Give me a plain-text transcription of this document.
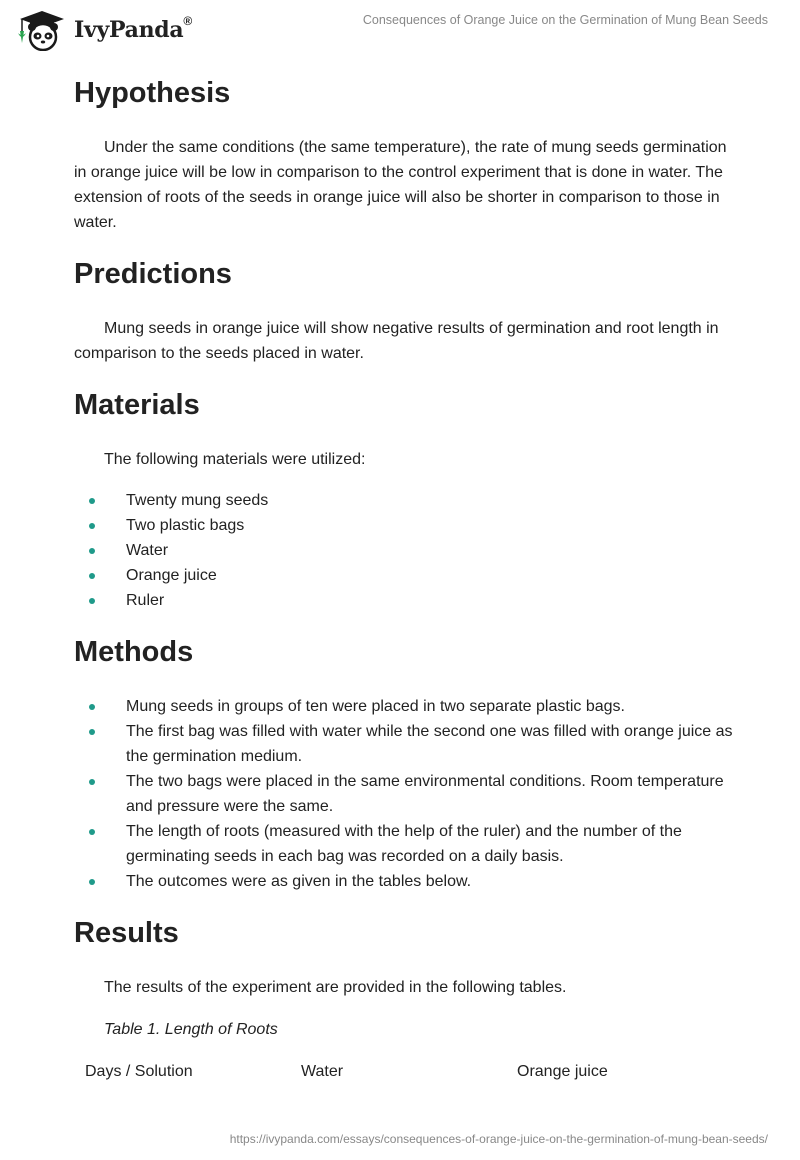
IvyPanda®	Consequences of Orange Juice on the Germination of Mung Bean Seeds
Hypothesis

Under the same conditions (the same temperature), the rate of mung seeds germination in orange juice will be low in comparison to the control experiment that is done in water. The extension of roots of the seeds in orange juice will also be shorter in comparison to those in water.

Predictions

Mung seeds in orange juice will show negative results of germination and root length in comparison to the seeds placed in water.

Materials

The following materials were utilized:

Twenty mung seeds
Two plastic bags
Water
Orange juice
Ruler
Methods
Mung seeds in groups of ten were placed in two separate plastic bags.
The first bag was filled with water while the second one was filled with orange juice as the germination medium.
The two bags were placed in the same environmental conditions. Room temperature and pressure were the same.
The length of roots (measured with the help of the ruler) and the number of the germinating seeds in each bag was recorded on a daily basis.
The outcomes were as given in the tables below.
Results

The results of the experiment are provided in the following tables.

Table 1. Length of Roots
Days / Solution	Water	Orange juice
https://ivypanda.com/essays/consequences-of-orange-juice-on-the-germination-of-mung-bean-seeds/
